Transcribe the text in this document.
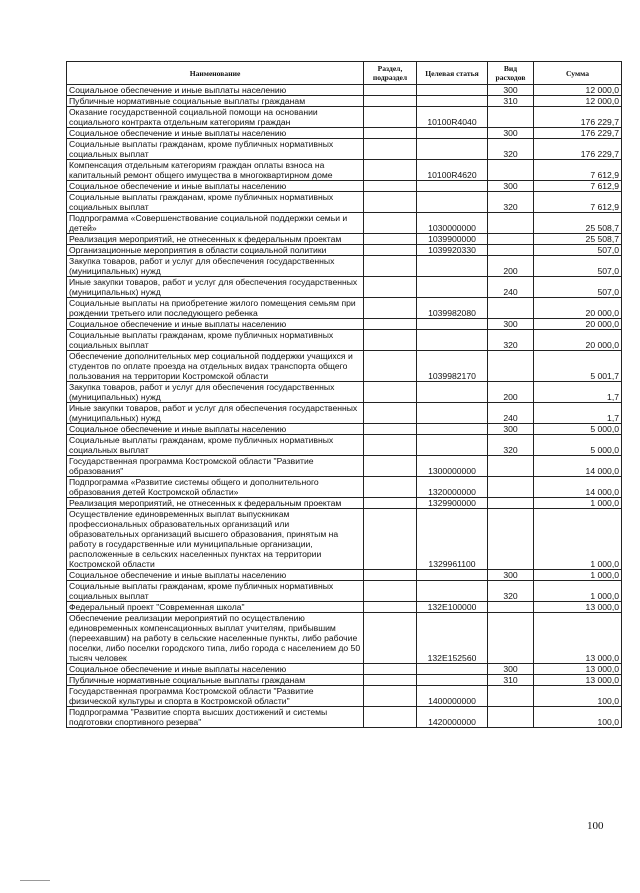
Наименование	Раздел, подраздел	Целевая статья	Вид расходов	Сумма
Социальное обеспечение и иные выплаты населению			300	12 000,0
Публичные нормативные социальные выплаты гражданам			310	12 000,0
Оказание государственной социальной помощи на основании социального контракта отдельным категориям граждан		10100R4040		176 229,7
Социальное обеспечение и иные выплаты населению			300	176 229,7
Социальные выплаты гражданам, кроме публичных нормативных социальных выплат			320	176 229,7
Компенсация отдельным категориям граждан оплаты взноса на капитальный ремонт общего имущества в многоквартирном доме		10100R4620		7 612,9
Социальное обеспечение и иные выплаты населению			300	7 612,9
Социальные выплаты гражданам, кроме публичных нормативных социальных выплат			320	7 612,9
Подпрограмма «Совершенствование социальной поддержки семьи и детей»		1030000000		25 508,7
Реализация мероприятий, не отнесенных к федеральным проектам		1039900000		25 508,7
Организационные мероприятия в области социальной политики		1039920330		507,0
Закупка товаров, работ и услуг для обеспечения государственных (муниципальных) нужд			200	507,0
Иные закупки товаров, работ и услуг для обеспечения государственных (муниципальных) нужд			240	507,0
Социальные выплаты на приобретение жилого помещения семьям при рождении третьего или последующего ребенка		1039982080		20 000,0
Социальное обеспечение и иные выплаты населению			300	20 000,0
Социальные выплаты гражданам, кроме публичных нормативных социальных выплат			320	20 000,0
Обеспечение дополнительных мер социальной поддержки учащихся и студентов по оплате проезда на отдельных видах транспорта общего пользования на территории Костромской области		1039982170		5 001,7
Закупка товаров, работ и услуг для обеспечения государственных (муниципальных) нужд			200	1,7
Иные закупки товаров, работ и услуг для обеспечения государственных (муниципальных) нужд			240	1,7
Социальное обеспечение и иные выплаты населению			300	5 000,0
Социальные выплаты гражданам, кроме публичных нормативных социальных выплат			320	5 000,0
Государственная программа Костромской области "Развитие образования"		1300000000		14 000,0
Подпрограмма «Развитие системы общего и дополнительного образования детей Костромской области»		1320000000		14 000,0
Реализация мероприятий, не отнесенных к федеральным проектам		1329900000		1 000,0
Осуществление единовременных выплат выпускникам профессиональных образовательных организаций или образовательных организаций высшего образования, принятым на работу в государственные или муниципальные организации, расположенные в сельских населенных пунктах на территории Костромской области		1329961100		1 000,0
Социальное обеспечение и иные выплаты населению			300	1 000,0
Социальные выплаты гражданам, кроме публичных нормативных социальных выплат			320	1 000,0
Федеральный проект "Современная школа"		132E100000		13 000,0
Обеспечение реализации мероприятий по осуществлению единовременных компенсационных выплат учителям, прибывшим (переехавшим) на работу в сельские населенные пункты, либо рабочие поселки, либо поселки городского типа, либо города с населением до 50 тысяч человек		132E152560		13 000,0
Социальное обеспечение и иные выплаты населению			300	13 000,0
Публичные нормативные социальные выплаты гражданам			310	13 000,0
Государственная программа Костромской области "Развитие физической культуры и спорта в Костромской области"		1400000000		100,0
Подпрограмма "Развитие спорта высших достижений и системы подготовки спортивного резерва"		1420000000		100,0
100
